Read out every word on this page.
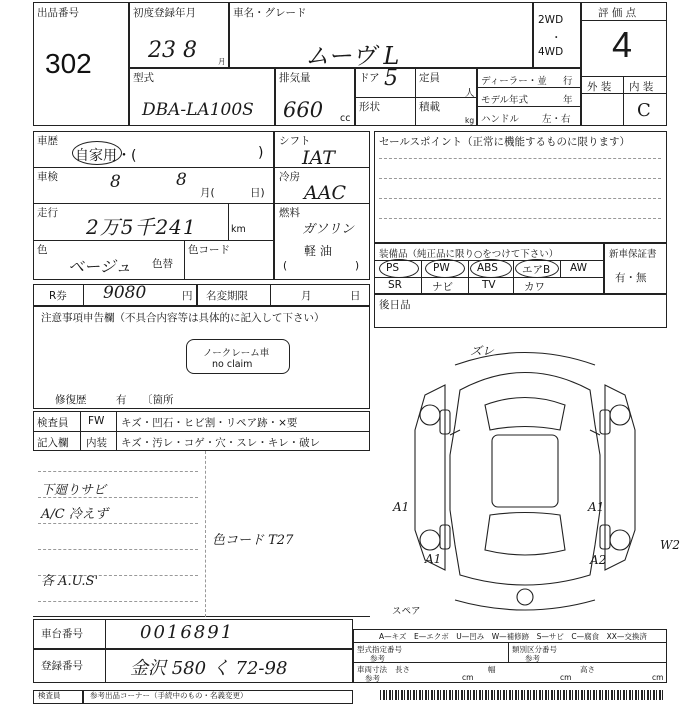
出品番号
302
初度登録年月
23 8	月
車名・グレード
ムーヴ L
2WD
・
4WD
評 価 点
4
外 装 内 装
C
型式
DBA-LA100S
排気量
660 cc
ドア 5 定員
人
形状	積載
kg
ディーラー・並 行
モデル年式	年
ハンドル 左・右
車歴
自家用・(	)
車検	8	8
月(	日)
走行
2万5千241	km
色
ベージュ 色替
色コード
シフト
IAT
冷房
AAC
燃料
ガソリン
軽 油
(	)
セールスポイント（正常に機能するものに限ります）
装備品（純正品に限り○をつけて下さい）
PS	PW	ABS エアB AW
SR	ナビ	TV	カワ
新車保証書
有・無
R券 9080	円 名変期限	月	日
後日品
注意事項申告欄（不具合内容等は具体的に記入して下さい）
ノークレーム車
no claim
修復歴	有 〔箇所
検査員 FW キズ・凹石・ヒビ割・リペア跡・×要
記入欄 内装 キズ・汚レ・コゲ・穴・スレ・キレ・破レ
下廻りサビ
A/C 冷えず
色コード T27
各 A.U.S'
ズレ
A1	A1
A1	A2
W2
スペア
車台番号	0016891
登録番号	金沢 580 く 72-98
A—キズ　E—エクボ　U—凹み　W—補修跡　S—サビ　C—腐食　XX—交換済
型式指定番号
参考
類別区分番号
参考
車両寸法
参考
長さ
cm
幅
cm
高さ
cm
検査員	参考出品コーナー（手続中のもの・名義変更）
